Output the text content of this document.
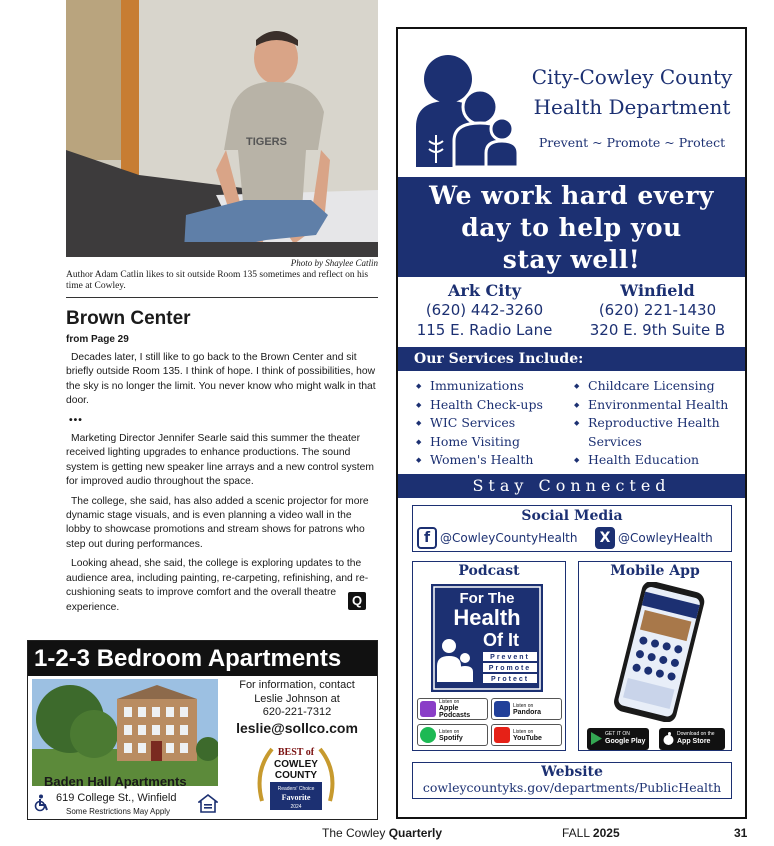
TIGERS
Photo by Shaylee Catlin
Author Adam Catlin likes to sit outside Room 135 sometimes and reflect on his time at Cowley.
Brown Center
from Page 29

Decades later, I still like to go back to the Brown Center and sit briefly outside Room 135. I think of hope. I think of possibilities, how the sky is no longer the limit. You never know who might walk in that door.

•••

Marketing Director Jennifer Searle said this summer the theater received lighting upgrades to enhance productions. The sound system is getting new speaker line arrays and a new control system for improved audio throughout the space.

The college, she said, has also added a scenic projector for more dynamic stage visuals, and is even planning a video wall in the lobby to showcase promotions and stream shows for patrons who step out during performances.

Looking ahead, she said, the college is exploring updates to the audience area, including painting, re-carpeting, refinishing, and re-cushioning seats to improve comfort and the overall theatre experience.	Q
1-2-3 Bedroom Apartments
Baden Hall Apartments
619 College St., Winfield
Some Restrictions May Apply
For information, contact
Leslie Johnson at
620-221-7312
leslie@sollco.com
BEST of
COWLEY
COUNTY
Readers' Choice
Favorite
2024
City-Cowley County
Health Department
Prevent ~ Promote ~ Protect
We work hard every
day to help you
stay well!
Ark City
(620) 442-3260
115 E. Radio Lane
Winfield
(620) 221-1430
320 E. 9th Suite B
Our Services Include:
◆ Immunizations
◆ Health Check-ups
◆ WIC Services
◆ Home Visiting
◆ Women's Health
◆ Childcare Licensing
◆ Environmental Health
◆ Reproductive Health
Services
◆ Health Education
Stay Connected
Social Media
f @CowleyCountyHealth	X @CowleyHealth
Podcast
For The
Health
Of It
Prevent
Promote
Protect
Listen on
Apple Podcasts
Listen on
Pandora
Listen on
Spotify
Listen on
YouTube
Mobile App
GET IT ON
Google Play
Download on the
App Store
Website
cowleycountyks.gov/departments/PublicHealth
The Cowley Quarterly	FALL 2025	31
